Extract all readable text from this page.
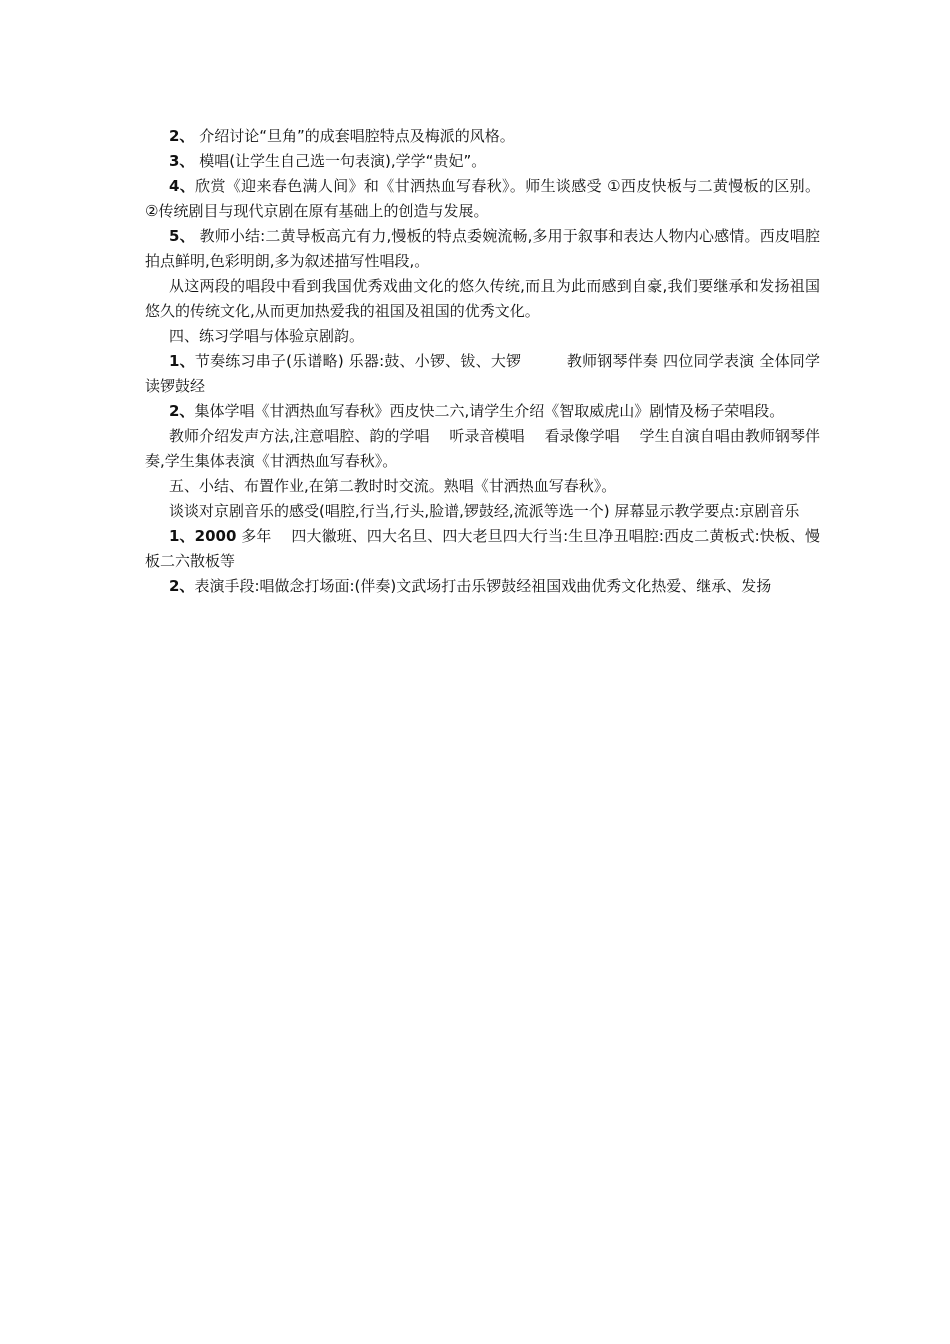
2、 介绍讨论“旦角”的成套唱腔特点及梅派的风格。

3、 模唱(让学生自己选一句表演),学学“贵妃”。

4、欣赏《迎来春色满人间》和《甘洒热血写春秋》。师生谈感受 ①西皮快板与二黄慢板的区别。 ②传统剧目与现代京剧在原有基础上的创造与发展。

5、 教师小结:二黄导板高亢有力,慢板的特点委婉流畅,多用于叙事和表达人物内心感情。西皮唱腔拍点鲜明,色彩明朗,多为叙述描写性唱段,。

从这两段的唱段中看到我国优秀戏曲文化的悠久传统,而且为此而感到自豪,我们要继承和发扬祖国悠久的传统文化,从而更加热爱我的祖国及祖国的优秀文化。

四、练习学唱与体验京剧韵。

1、节奏练习串子(乐谱略) 乐器:鼓、小锣、钹、大锣　　　教师钢琴伴奏 四位同学表演 全体同学读锣鼓经

2、集体学唱《甘洒热血写春秋》西皮快二六,请学生介绍《智取威虎山》剧情及杨子荣唱段。

教师介绍发声方法,注意唱腔、韵的学唱　 听录音模唱　 看录像学唱　 学生自演自唱由教师钢琴伴奏,学生集体表演《甘洒热血写春秋》。

五、小结、布置作业,在第二教时时交流。熟唱《甘洒热血写春秋》。

谈谈对京剧音乐的感受(唱腔,行当,行头,脸谱,锣鼓经,流派等选一个) 屏幕显示教学要点:京剧音乐

1、2000 多年　 四大徽班、四大名旦、四大老旦四大行当:生旦净丑唱腔:西皮二黄板式:快板、慢板二六散板等

2、表演手段:唱做念打场面:(伴奏)文武场打击乐锣鼓经祖国戏曲优秀文化热爱、继承、发扬
